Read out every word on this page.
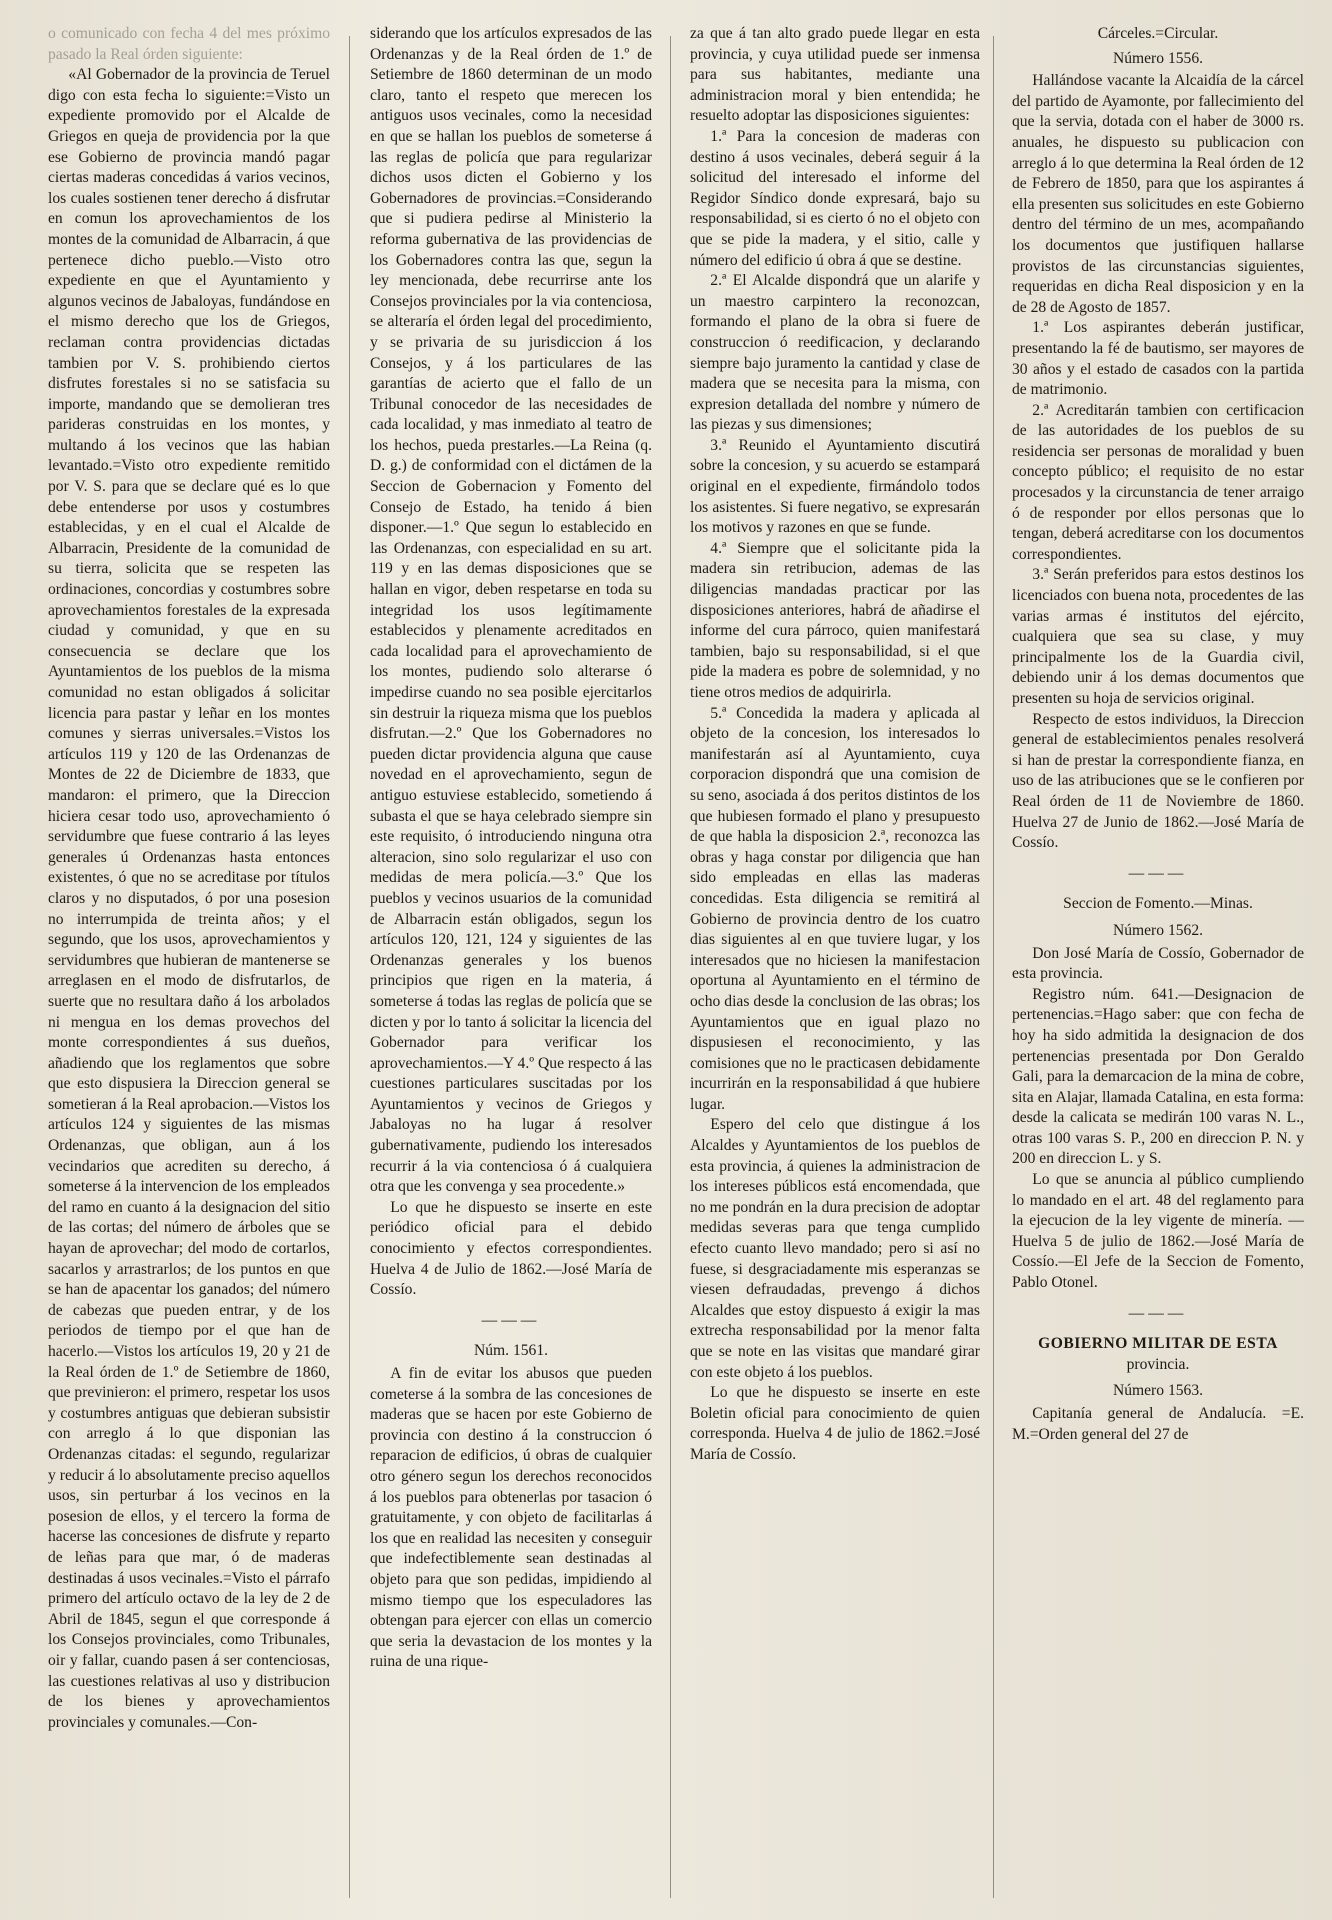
o comunicado con fecha 4 del mes próximo pasado la Real órden siguiente:

«Al Gobernador de la provincia de Teruel digo con esta fecha lo siguiente:=Visto un expediente promovido por el Alcalde de Griegos en queja de providencia por la que ese Gobierno de provincia mandó pagar ciertas maderas concedidas á varios vecinos, los cuales sostienen tener derecho á disfrutar en comun los aprovechamientos de los montes de la comunidad de Albarracin, á que pertenece dicho pueblo.—Visto otro expediente en que el Ayuntamiento y algunos vecinos de Jabaloyas, fundándose en el mismo derecho que los de Griegos, reclaman contra providencias dictadas tambien por V. S. prohibiendo ciertos disfrutes forestales si no se satisfacia su importe, mandando que se demolieran tres parideras construidas en los montes, y multando á los vecinos que las habian levantado.=Visto otro expediente remitido por V. S. para que se declare qué es lo que debe entenderse por usos y costumbres establecidas, y en el cual el Alcalde de Albarracin, Presidente de la comunidad de su tierra, solicita que se respeten las ordinaciones, concordias y costumbres sobre aprovechamientos forestales de la expresada ciudad y comunidad, y que en su consecuencia se declare que los Ayuntamientos de los pueblos de la misma comunidad no estan obligados á solicitar licencia para pastar y leñar en los montes comunes y sierras universales.=Vistos los artículos 119 y 120 de las Ordenanzas de Montes de 22 de Diciembre de 1833, que mandaron: el primero, que la Direccion hiciera cesar todo uso, aprovechamiento ó servidumbre que fuese contrario á las leyes generales ú Ordenanzas hasta entonces existentes, ó que no se acreditase por títulos claros y no disputados, ó por una posesion no interrumpida de treinta años; y el segundo, que los usos, aprovechamientos y servidumbres que hubieran de mantenerse se arreglasen en el modo de disfrutarlos, de suerte que no resultara daño á los arbolados ni mengua en los demas provechos del monte correspondientes á sus dueños, añadiendo que los reglamentos que sobre que esto dispusiera la Direccion general se sometieran á la Real aprobacion.—Vistos los artículos 124 y siguientes de las mismas Ordenanzas, que obligan, aun á los vecindarios que acrediten su derecho, á someterse á la intervencion de los empleados del ramo en cuanto á la designacion del sitio de las cortas; del número de árboles que se hayan de aprovechar; del modo de cortarlos, sacarlos y arrastrarlos; de los puntos en que se han de apacentar los ganados; del número de cabezas que pueden entrar, y de los periodos de tiempo por el que han de hacerlo.—Vistos los artículos 19, 20 y 21 de la Real órden de 1.º de Setiembre de 1860, que previnieron: el primero, respetar los usos y costumbres antiguas que debieran subsistir con arreglo á lo que disponian las Ordenanzas citadas: el segundo, regularizar y reducir á lo absolutamente preciso aquellos usos, sin perturbar á los vecinos en la posesion de ellos, y el tercero la forma de hacerse las concesiones de disfrute y reparto de leñas para que mar, ó de maderas destinadas á usos vecinales.=Visto el párrafo primero del artículo octavo de la ley de 2 de Abril de 1845, segun el que corresponde á los Consejos provinciales, como Tribunales, oir y fallar, cuando pasen á ser contenciosas, las cuestiones relativas al uso y distribucion de los bienes y aprovechamientos provinciales y comunales.—Con-

siderando que los artículos expresados de las Ordenanzas y de la Real órden de 1.º de Setiembre de 1860 determinan de un modo claro, tanto el respeto que merecen los antiguos usos vecinales, como la necesidad en que se hallan los pueblos de someterse á las reglas de policía que para regularizar dichos usos dicten el Gobierno y los Gobernadores de provincias.=Considerando que si pudiera pedirse al Ministerio la reforma gubernativa de las providencias de los Gobernadores contra las que, segun la ley mencionada, debe recurrirse ante los Consejos provinciales por la via contenciosa, se alteraría el órden legal del procedimiento, y se privaria de su jurisdiccion á los Consejos, y á los particulares de las garantías de acierto que el fallo de un Tribunal conocedor de las necesidades de cada localidad, y mas inmediato al teatro de los hechos, pueda prestarles.—La Reina (q. D. g.) de conformidad con el dictámen de la Seccion de Gobernacion y Fomento del Consejo de Estado, ha tenido á bien disponer.—1.º Que segun lo establecido en las Ordenanzas, con especialidad en su art. 119 y en las demas disposiciones que se hallan en vigor, deben respetarse en toda su integridad los usos legítimamente establecidos y plenamente acreditados en cada localidad para el aprovechamiento de los montes, pudiendo solo alterarse ó impedirse cuando no sea posible ejercitarlos sin destruir la riqueza misma que los pueblos disfrutan.—2.º Que los Gobernadores no pueden dictar providencia alguna que cause novedad en el aprovechamiento, segun de antiguo estuviese establecido, sometiendo á subasta el que se haya celebrado siempre sin este requisito, ó introduciendo ninguna otra alteracion, sino solo regularizar el uso con medidas de mera policía.—3.º Que los pueblos y vecinos usuarios de la comunidad de Albarracin están obligados, segun los artículos 120, 121, 124 y siguientes de las Ordenanzas generales y los buenos principios que rigen en la materia, á someterse á todas las reglas de policía que se dicten y por lo tanto á solicitar la licencia del Gobernador para verificar los aprovechamientos.—Y 4.º Que respecto á las cuestiones particulares suscitadas por los Ayuntamientos y vecinos de Griegos y Jabaloyas no ha lugar á resolver gubernativamente, pudiendo los interesados recurrir á la via contenciosa ó á cualquiera otra que les convenga y sea procedente.»

Lo que he dispuesto se inserte en este periódico oficial para el debido conocimiento y efectos correspondientes. Huelva 4 de Julio de 1862.—José María de Cossío.

———
Núm. 1561.

A fin de evitar los abusos que pueden cometerse á la sombra de las concesiones de maderas que se hacen por este Gobierno de provincia con destino á la construccion ó reparacion de edificios, ú obras de cualquier otro género segun los derechos reconocidos á los pueblos para obtenerlas por tasacion ó gratuitamente, y con objeto de facilitarlas á los que en realidad las necesiten y conseguir que indefectiblemente sean destinadas al objeto para que son pedidas, impidiendo al mismo tiempo que los especuladores las obtengan para ejercer con ellas un comercio que seria la devastacion de los montes y la ruina de una rique-

za que á tan alto grado puede llegar en esta provincia, y cuya utilidad puede ser inmensa para sus habitantes, mediante una administracion moral y bien entendida; he resuelto adoptar las disposiciones siguientes:

1.ª Para la concesion de maderas con destino á usos vecinales, deberá seguir á la solicitud del interesado el informe del Regidor Síndico donde expresará, bajo su responsabilidad, si es cierto ó no el objeto con que se pide la madera, y el sitio, calle y número del edificio ú obra á que se destine.

2.ª El Alcalde dispondrá que un alarife y un maestro carpintero la reconozcan, formando el plano de la obra si fuere de construccion ó reedificacion, y declarando siempre bajo juramento la cantidad y clase de madera que se necesita para la misma, con expresion detallada del nombre y número de las piezas y sus dimensiones;

3.ª Reunido el Ayuntamiento discutirá sobre la concesion, y su acuerdo se estampará original en el expediente, firmándolo todos los asistentes. Si fuere negativo, se expresarán los motivos y razones en que se funde.

4.ª Siempre que el solicitante pida la madera sin retribucion, ademas de las diligencias mandadas practicar por las disposiciones anteriores, habrá de añadirse el informe del cura párroco, quien manifestará tambien, bajo su responsabilidad, si el que pide la madera es pobre de solemnidad, y no tiene otros medios de adquirirla.

5.ª Concedida la madera y aplicada al objeto de la concesion, los interesados lo manifestarán así al Ayuntamiento, cuya corporacion dispondrá que una comision de su seno, asociada á dos peritos distintos de los que hubiesen formado el plano y presupuesto de que habla la disposicion 2.ª, reconozca las obras y haga constar por diligencia que han sido empleadas en ellas las maderas concedidas. Esta diligencia se remitirá al Gobierno de provincia dentro de los cuatro dias siguientes al en que tuviere lugar, y los interesados que no hiciesen la manifestacion oportuna al Ayuntamiento en el término de ocho dias desde la conclusion de las obras; los Ayuntamientos que en igual plazo no dispusiesen el reconocimiento, y las comisiones que no le practicasen debidamente incurrirán en la responsabilidad á que hubiere lugar.

Espero del celo que distingue á los Alcaldes y Ayuntamientos de los pueblos de esta provincia, á quienes la administracion de los intereses públicos está encomendada, que no me pondrán en la dura precision de adoptar medidas severas para que tenga cumplido efecto cuanto llevo mandado; pero si así no fuese, si desgraciadamente mis esperanzas se viesen defraudadas, prevengo á dichos Alcaldes que estoy dispuesto á exigir la mas extrecha responsabilidad por la menor falta que se note en las visitas que mandaré girar con este objeto á los pueblos.

Lo que he dispuesto se inserte en este Boletin oficial para conocimiento de quien corresponda. Huelva 4 de julio de 1862.=José María de Cossío.

Cárceles.=Circular.
Número 1556.

Hallándose vacante la Alcaidía de la cárcel del partido de Ayamonte, por fallecimiento del que la servia, dotada con el haber de 3000 rs. anuales, he dispuesto su publicacion con arreglo á lo que determina la Real órden de 12 de Febrero de 1850, para que los aspirantes á ella presenten sus solicitudes en este Gobierno dentro del término de un mes, acompañando los documentos que justifiquen hallarse provistos de las circunstancias siguientes, requeridas en dicha Real disposicion y en la de 28 de Agosto de 1857.

1.ª Los aspirantes deberán justificar, presentando la fé de bautismo, ser mayores de 30 años y el estado de casados con la partida de matrimonio.

2.ª Acreditarán tambien con certificacion de las autoridades de los pueblos de su residencia ser personas de moralidad y buen concepto público; el requisito de no estar procesados y la circunstancia de tener arraigo ó de responder por ellos personas que lo tengan, deberá acreditarse con los documentos correspondientes.

3.ª Serán preferidos para estos destinos los licenciados con buena nota, procedentes de las varias armas é institutos del ejército, cualquiera que sea su clase, y muy principalmente los de la Guardia civil, debiendo unir á los demas documentos que presenten su hoja de servicios original.

Respecto de estos individuos, la Direccion general de establecimientos penales resolverá si han de prestar la correspondiente fianza, en uso de las atribuciones que se le confieren por Real órden de 11 de Noviembre de 1860. Huelva 27 de Junio de 1862.—José María de Cossío.

———
Seccion de Fomento.—Minas.
Número 1562.

Don José María de Cossío, Gobernador de esta provincia.

Registro núm. 641.—Designacion de pertenencias.=Hago saber: que con fecha de hoy ha sido admitida la designacion de dos pertenencias presentada por Don Geraldo Gali, para la demarcacion de la mina de cobre, sita en Alajar, llamada Catalina, en esta forma: desde la calicata se medirán 100 varas N. L., otras 100 varas S. P., 200 en direccion P. N. y 200 en direccion L. y S.

Lo que se anuncia al público cumpliendo lo mandado en el art. 48 del reglamento para la ejecucion de la ley vigente de minería. —Huelva 5 de julio de 1862.—José María de Cossío.—El Jefe de la Seccion de Fomento, Pablo Otonel.

———
GOBIERNO MILITAR DE ESTA
provincia.
Número 1563.

Capitanía general de Andalucía. =E. M.=Orden general del 27 de
